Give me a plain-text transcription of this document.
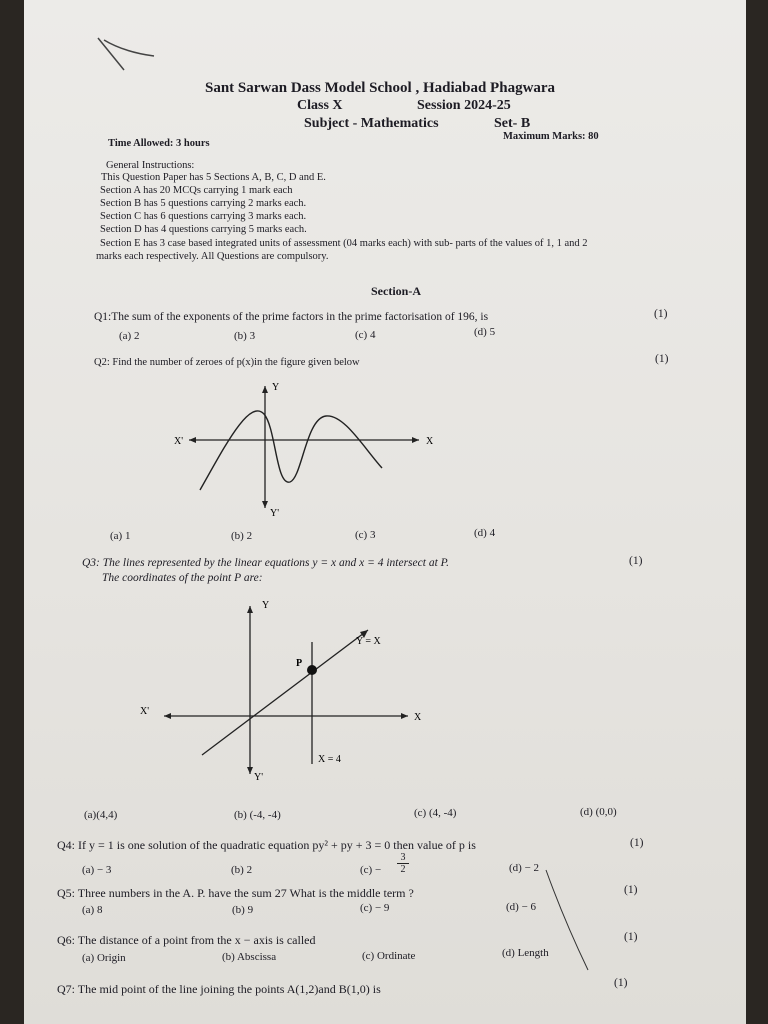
Sant Sarwan Dass Model School , Hadiabad Phagwara
Class X	Session 2024-25
Subject - Mathematics	Set- B
Time Allowed: 3 hours
Maximum Marks: 80
General Instructions:
This Question Paper has 5 Sections A, B, C, D and E.
Section A has 20 MCQs carrying 1 mark each
Section B has 5 questions carrying 2 marks each.
Section C has 6 questions carrying 3 marks each.
Section D has 4 questions carrying 5 marks each.
Section E has 3 case based integrated units of assessment (04 marks each) with sub- parts of the values of 1, 1 and 2
marks each respectively. All Questions are compulsory.
Section-A
Q1:The sum of the exponents of the prime factors in the prime factorisation of 196, is	(1)
(a) 2	(b) 3	(c) 4	(d) 5
Q2: Find the number of zeroes of p(x)in the figure given below	(1)
Y
Y'
X
X'
(a) 1	(b) 2	(c) 3	(d) 4
Q3: The lines represented by the linear equations y = x and x = 4 intersect at P.
The coordinates of the point P are:
(1)
Y
Y'
X
X'
Y = X
X = 4
P
(a)(4,4)	(b) (-4, -4)	(c) (4, -4)	(d) (0,0)
Q4: If y = 1 is one solution of the quadratic equation py² + py + 3 = 0 then value of p is	(1)
(a) − 3	(b) 2	$(c) - \frac{3}{2}$	(d) − 2
Q5: Three numbers in the A. P. have the sum 27 What is the middle term ?	(1)
(a) 8	(b) 9	(c) − 9	(d) − 6
Q6: The distance of a point from the x − axis is called	(1)
(a) Origin	(b) Abscissa	(c) Ordinate	(d) Length
Q7: The mid point of the line joining the points A(1,2)and B(1,0) is	(1)
